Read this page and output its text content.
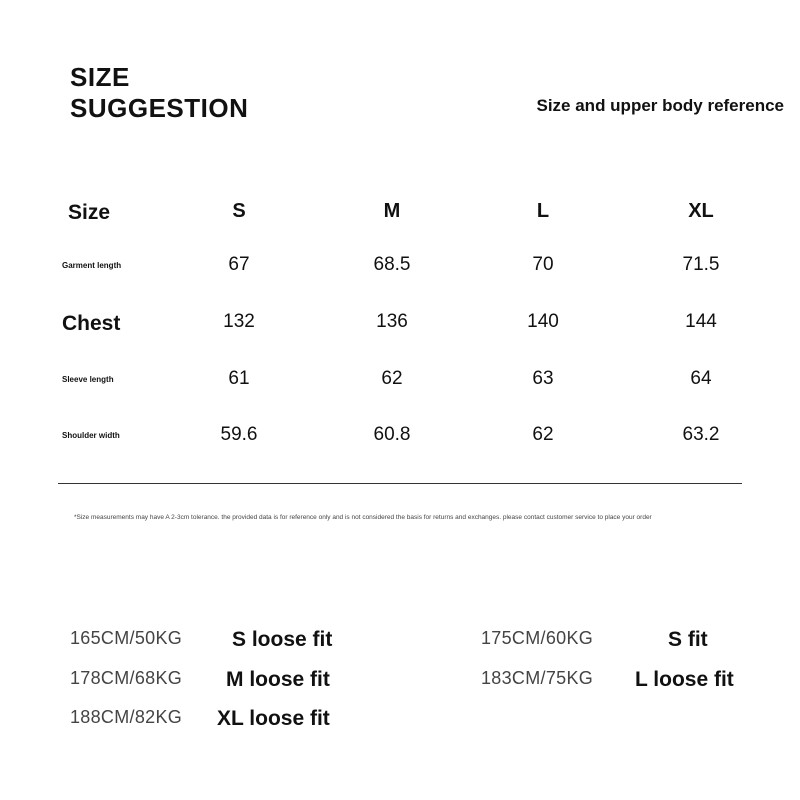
SIZE
SUGGESTION	Size and upper body reference
Size	S	M	L	XL
Garment length	67	68.5	70	71.5
Chest	132	136	140	144
Sleeve length	61	62	63	64
Shoulder width	59.6	60.8	62	63.2
*Size measurements may have A 2-3cm tolerance. the provided data is for reference only and is not considered the basis for returns and exchanges. please contact customer service to place your order
165CM/50KG S loose fit	175CM/60KG	S fit
178CM/68KG M loose fit	183CM/75KG L loose fit
188CM/82KG XL loose fit
